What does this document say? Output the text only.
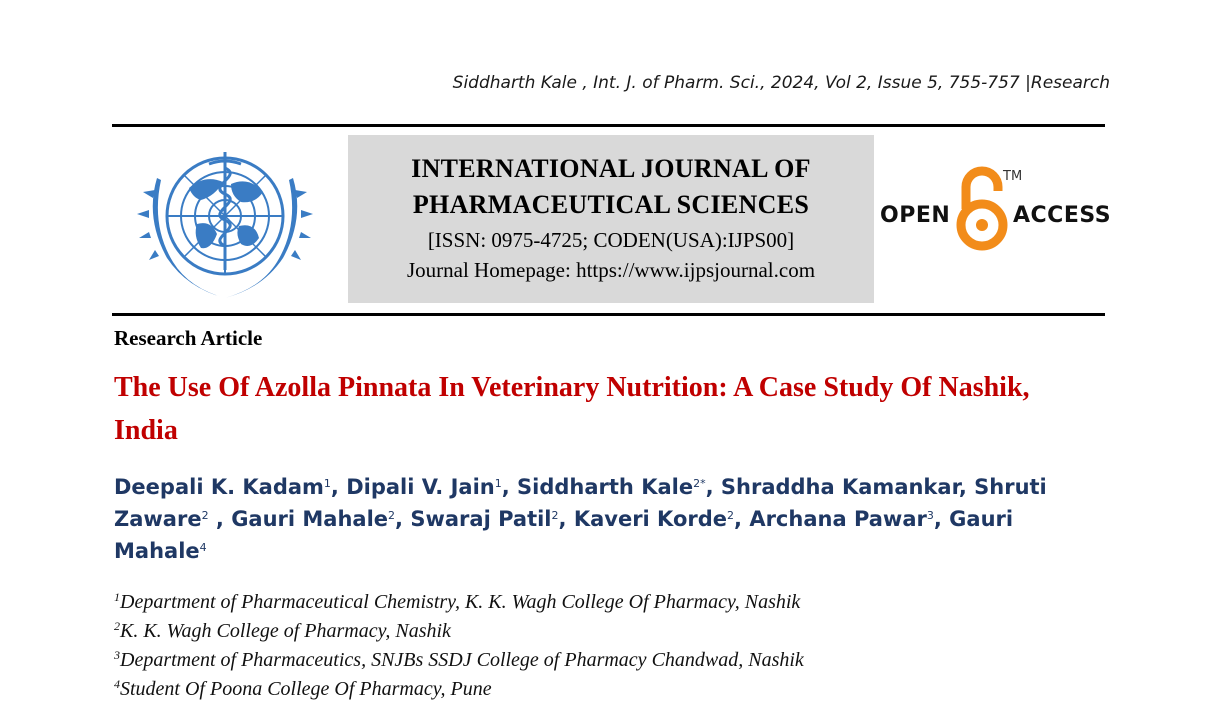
Siddharth Kale , Int. J. of Pharm. Sci., 2024, Vol 2, Issue 5, 755-757 |Research
INTERNATIONAL JOURNAL OF PHARMACEUTICAL SCIENCES
[ISSN: 0975-4725; CODEN(USA):IJPS00]
Journal Homepage: https://www.ijpsjournal.com
OPEN
TM
ACCESS
Research Article
The Use Of Azolla Pinnata In Veterinary Nutrition: A Case Study Of Nashik, India
Deepali K. Kadam$^1$, Dipali V. Jain$^1$, Siddharth Kale$^{2*}$, Shraddha Kamankar, Shruti Zaware$^2$ , Gauri Mahale$^2$, Swaraj Patil$^2$, Kaveri Korde$^2$, Archana Pawar$^3$, Gauri Mahale$^4$
$^1$Department of Pharmaceutical Chemistry, K. K. Wagh College Of Pharmacy, Nashik
$^2$K. K. Wagh College of Pharmacy, Nashik
$^3$Department of Pharmaceutics, SNJBs SSDJ College of Pharmacy Chandwad, Nashik
$^4$Student Of Poona College Of Pharmacy, Pune
